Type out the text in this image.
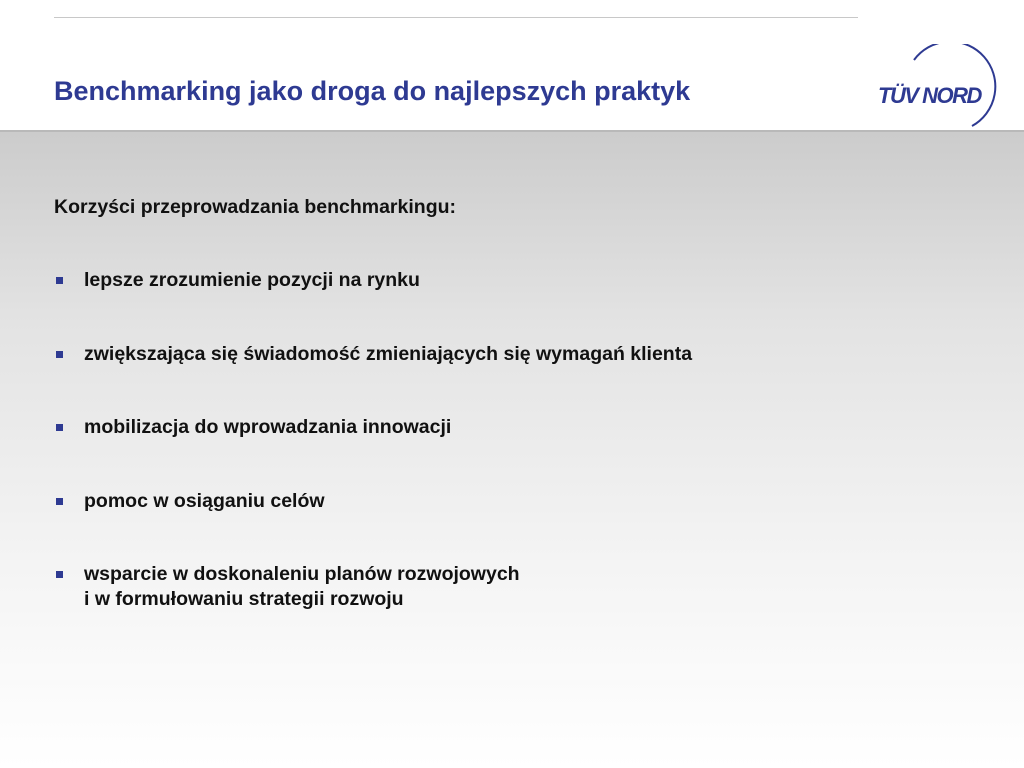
Benchmarking jako droga do najlepszych praktyk	TÜV NORD

Korzyści przeprowadzania benchmarkingu:

lepsze zrozumienie pozycji na rynku
zwiększająca się świadomość zmieniających się wymagań klienta
mobilizacja do wprowadzania innowacji
pomoc w osiąganiu celów
wsparcie w doskonaleniu planów rozwojowych
i w formułowaniu strategii rozwoju
